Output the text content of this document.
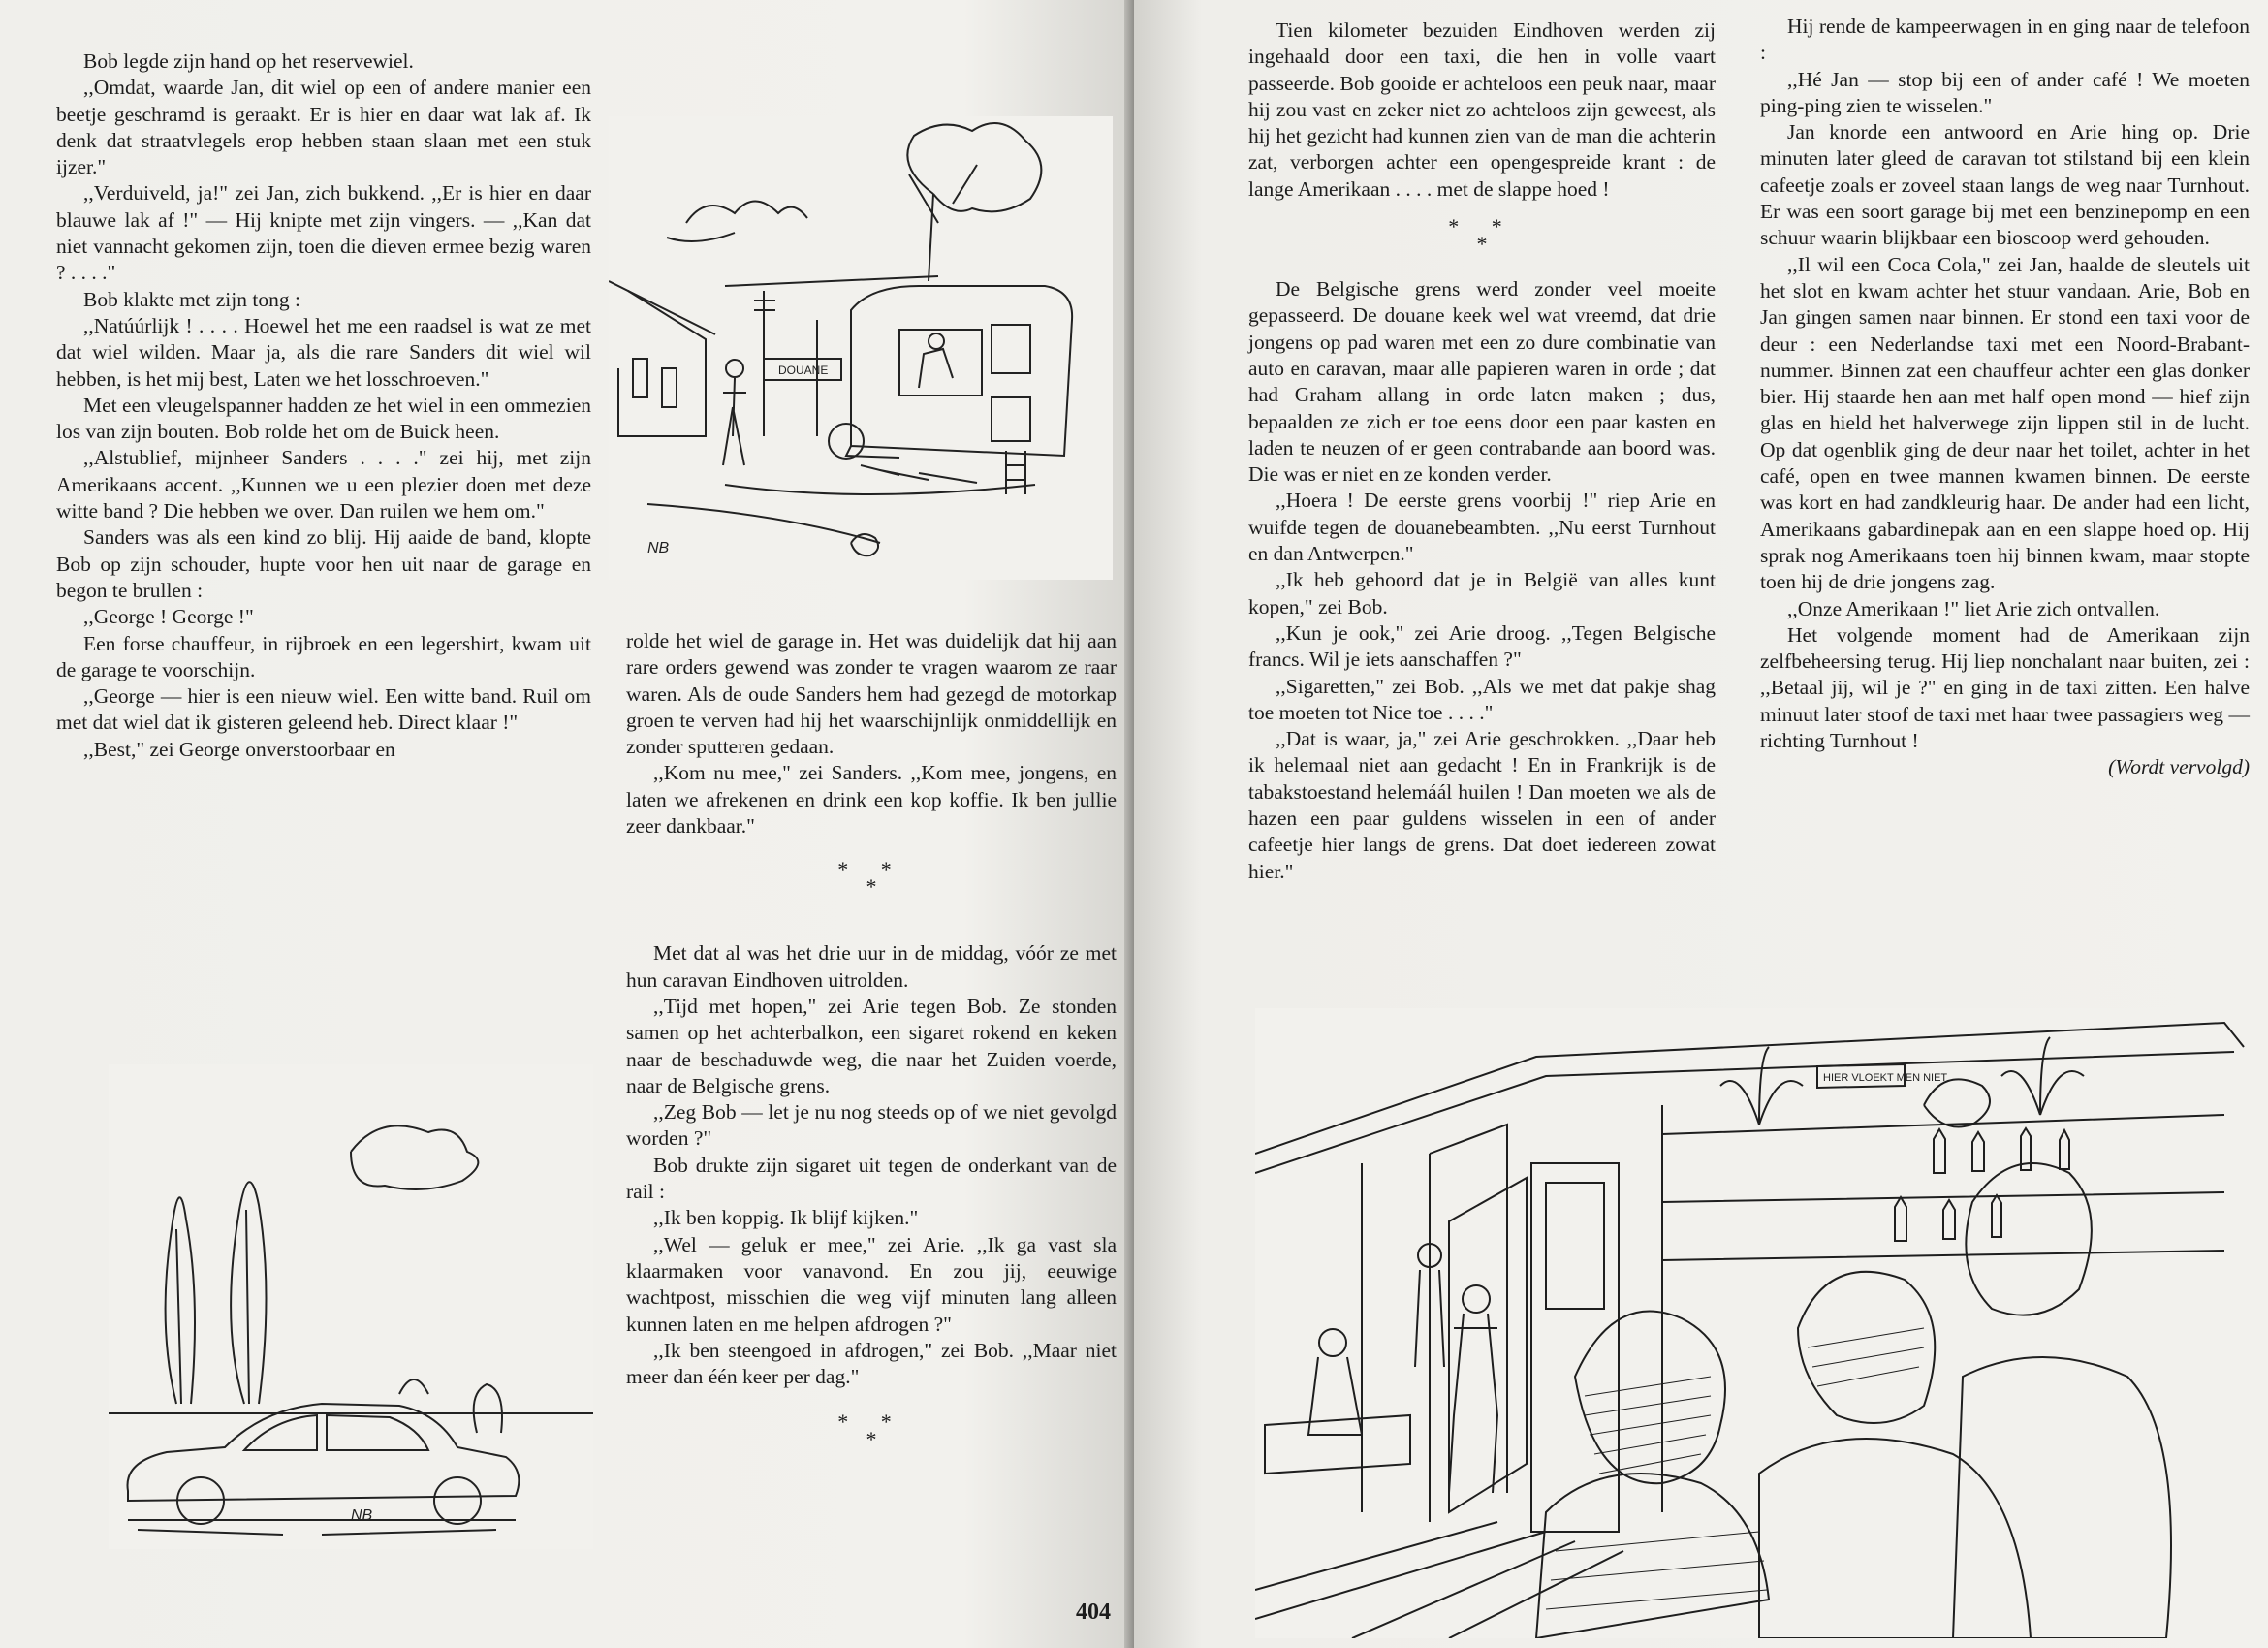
Bob legde zijn hand op het reservewiel.

,,Omdat, waarde Jan, dit wiel op een of andere manier een beetje geschramd is geraakt. Er is hier en daar wat lak af. Ik denk dat straatvlegels erop hebben staan slaan met een stuk ijzer."

,,Verduiveld, ja!" zei Jan, zich bukkend. ,,Er is hier en daar blauwe lak af !" — Hij knipte met zijn vingers. — ,,Kan dat niet vannacht gekomen zijn, toen die dieven ermee bezig waren ? . . . ."

Bob klakte met zijn tong :

,,Natúúrlijk ! . . . . Hoewel het me een raadsel is wat ze met dat wiel wilden. Maar ja, als die rare Sanders dit wiel wil hebben, is het mij best, Laten we het losschroeven."

Met een vleugelspanner hadden ze het wiel in een ommezien los van zijn bouten. Bob rolde het om de Buick heen.

,,Alstublief, mijnheer Sanders . . . ." zei hij, met zijn Amerikaans accent. ,,Kunnen we u een plezier doen met deze witte band ? Die hebben we over. Dan ruilen we hem om."

Sanders was als een kind zo blij. Hij aaide de band, klopte Bob op zijn schouder, hupte voor hen uit naar de garage en begon te brullen :

,,George ! George !"

Een forse chauffeur, in rijbroek en een legershirt, kwam uit de garage te voorschijn.

,,George — hier is een nieuw wiel. Een witte band. Ruil om met dat wiel dat ik gisteren geleend heb. Direct klaar !"

,,Best," zei George onverstoorbaar en

DOUANE
NB

rolde het wiel de garage in. Het was duidelijk dat hij aan rare orders gewend was zonder te vragen waarom ze raar waren. Als de oude Sanders hem had gezegd de motorkap groen te verven had hij het waarschijnlijk onmiddellijk en zonder sputteren gedaan.

,,Kom nu mee," zei Sanders. ,,Kom mee, jongens, en laten we afrekenen en drink een kop koffie. Ik ben jullie zeer dankbaar."

* *
*

Met dat al was het drie uur in de middag, vóór ze met hun caravan Eindhoven uitrolden.

,,Tijd met hopen," zei Arie tegen Bob. Ze stonden samen op het achterbalkon, een sigaret rokend en keken naar de beschaduwde weg, die naar het Zuiden voerde, naar de Belgische grens.

,,Zeg Bob — let je nu nog steeds op of we niet gevolgd worden ?"

Bob drukte zijn sigaret uit tegen de onderkant van de rail :

,,Ik ben koppig. Ik blijf kijken."

,,Wel — geluk er mee," zei Arie. ,,Ik ga vast sla klaarmaken voor vanavond. En zou jij, eeuwige wachtpost, misschien die weg vijf minuten lang alleen kunnen laten en me helpen afdrogen ?"

,,Ik ben steengoed in afdrogen," zei Bob. ,,Maar niet meer dan één keer per dag."

* *
*
NB
404

Tien kilometer bezuiden Eindhoven werden zij ingehaald door een taxi, die hen in volle vaart passeerde. Bob gooide er achteloos een peuk naar, maar hij zou vast en zeker niet zo achteloos zijn geweest, als hij het gezicht had kunnen zien van de man die achterin zat, verborgen achter een opengespreide krant : de lange Amerikaan . . . . met de slappe hoed !

* *
*

De Belgische grens werd zonder veel moeite gepasseerd. De douane keek wel wat vreemd, dat drie jongens op pad waren met een zo dure combinatie van auto en caravan, maar alle papieren waren in orde ; dat had Graham allang in orde laten maken ; dus, bepaalden ze zich er toe eens door een paar kasten en laden te neuzen of er geen contrabande aan boord was. Die was er niet en ze konden verder.

,,Hoera ! De eerste grens voorbij !" riep Arie en wuifde tegen de douanebeambten. ,,Nu eerst Turnhout en dan Antwerpen."

,,Ik heb gehoord dat je in België van alles kunt kopen," zei Bob.

,,Kun je ook," zei Arie droog. ,,Tegen Belgische francs. Wil je iets aanschaffen ?"

,,Sigaretten," zei Bob. ,,Als we met dat pakje shag toe moeten tot Nice toe . . . ."

,,Dat is waar, ja," zei Arie geschrokken. ,,Daar heb ik helemaal niet aan gedacht ! En in Frankrijk is de tabakstoestand helemáál huilen ! Dan moeten we als de hazen een paar guldens wisselen in een of ander cafeetje hier langs de grens. Dat doet iedereen zowat hier."

Hij rende de kampeerwagen in en ging naar de telefoon :

,,Hé Jan — stop bij een of ander café ! We moeten ping-ping zien te wisselen."

Jan knorde een antwoord en Arie hing op. Drie minuten later gleed de caravan tot stilstand bij een klein cafeetje zoals er zoveel staan langs de weg naar Turnhout. Er was een soort garage bij met een benzinepomp en een schuur waarin blijkbaar een bioscoop werd gehouden.

,,Il wil een Coca Cola," zei Jan, haalde de sleutels uit het slot en kwam achter het stuur vandaan. Arie, Bob en Jan gingen samen naar binnen. Er stond een taxi voor de deur : een Nederlandse taxi met een Noord-Brabant-nummer. Binnen zat een chauffeur achter een glas donker bier. Hij staarde hen aan met half open mond — hief zijn glas en hield het halverwege zijn lippen stil in de lucht. Op dat ogenblik ging de deur naar het toilet, achter in het café, open en twee mannen kwamen binnen. De eerste was kort en had zandkleurig haar. De ander had een licht, Amerikaans gabardinepak aan en een slappe hoed op. Hij sprak nog Amerikaans toen hij binnen kwam, maar stopte toen hij de drie jongens zag.

,,Onze Amerikaan !" liet Arie zich ontvallen.

Het volgende moment had de Amerikaan zijn zelfbeheersing terug. Hij liep nonchalant naar buiten, zei : ,,Betaal jij, wil je ?" en ging in de taxi zitten. Een halve minuut later stoof de taxi met haar twee passagiers weg — richting Turnhout !

(Wordt vervolgd)

HIER VLOEKT MEN NIET
